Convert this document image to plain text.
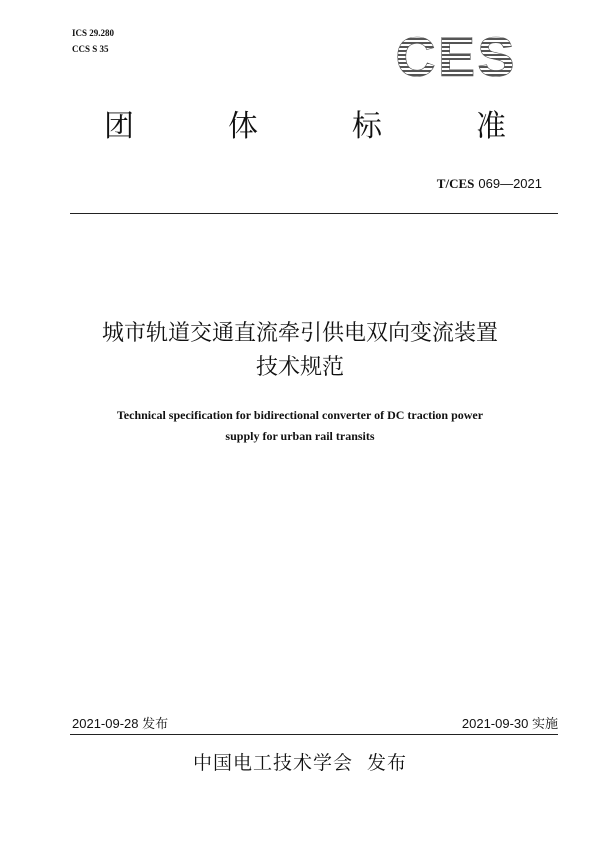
ICS 29.280
CCS S 35	CES
团	体	标	准
T/CES 069—2021
城市轨道交通直流牵引供电双向变流装置
技术规范
Technical specification for bidirectional converter of DC traction power
supply for urban rail transits
2021-09-28 发布	2021-09-30 实施
中国电工技术学会 发布
